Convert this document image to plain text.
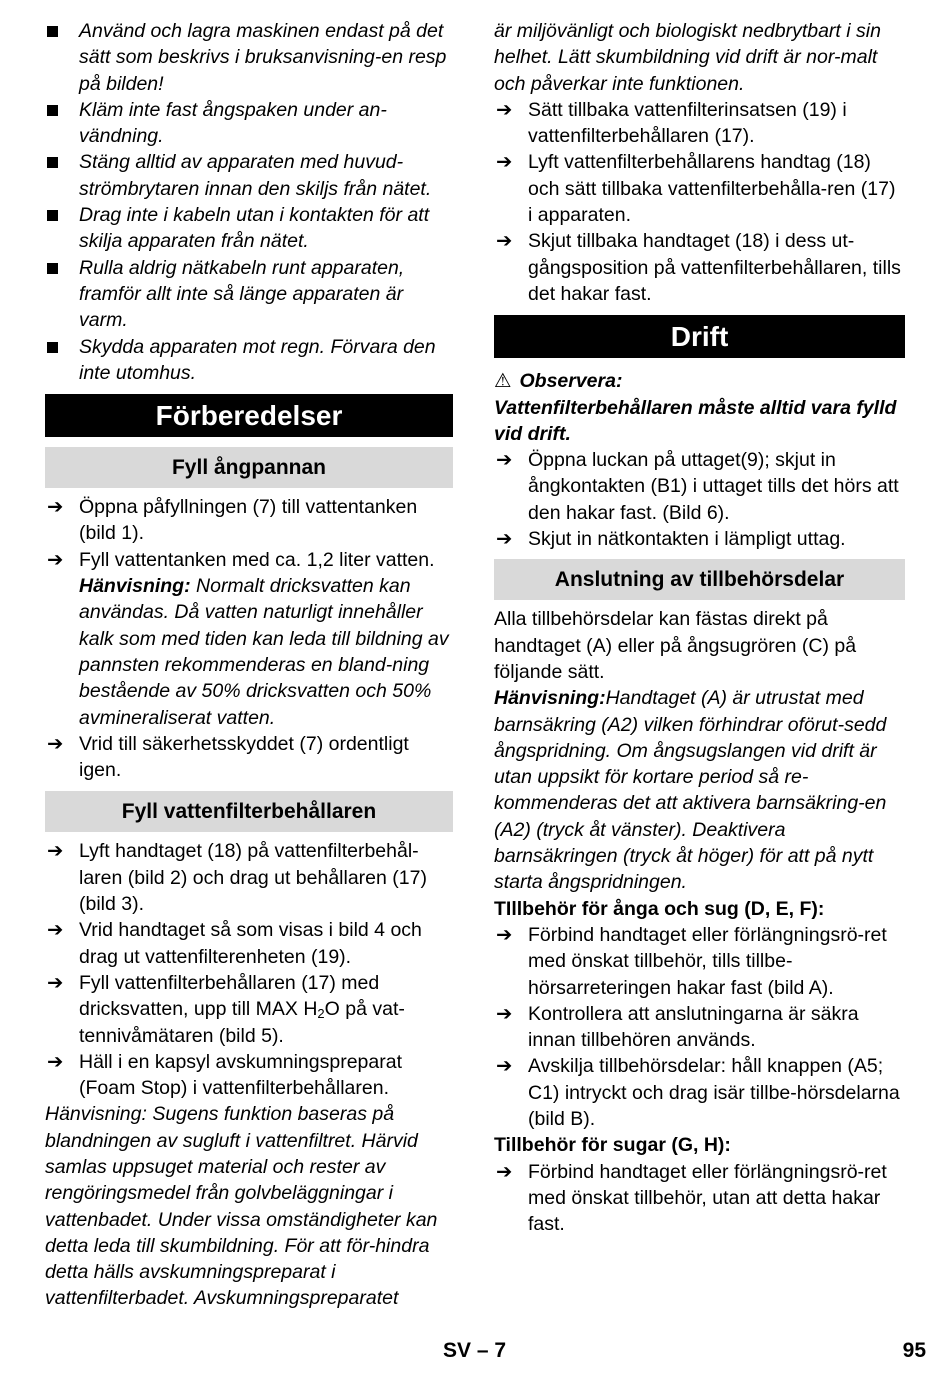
Använd och lagra maskinen endast på det sätt som beskrivs i bruksanvisning-en resp på bilden!

Kläm inte fast ångspaken under an-vändning.

Stäng alltid av apparaten med huvud-strömbrytaren innan den skiljs från nätet.

Drag inte i kabeln utan i kontakten för att skilja apparaten från nätet.

Rulla aldrig nätkabeln runt apparaten, framför allt inte så länge apparaten är varm.

Skydda apparaten mot regn. Förvara den inte utomhus.

Förberedelser
Fyll ångpannan

➔ Öppna påfyllningen (7) till vattentanken (bild 1).

➔ Fyll vattentanken med ca. 1,2 liter vatten.
Hänvisning: Normalt dricksvatten kan användas. Då vatten naturligt innehåller kalk som med tiden kan leda till bildning av pannsten rekommenderas en bland-ning bestående av 50% dricksvatten och 50% avmineraliserat vatten.

➔ Vrid till säkerhetsskyddet (7) ordentligt igen.

Fyll vattenfilterbehållaren

➔ Lyft handtaget (18) på vattenfilterbehål-laren (bild 2) och drag ut behållaren (17) (bild 3).

➔ Vrid handtaget så som visas i bild 4 och drag ut vattenfilterenheten (19).

➔ Fyll vattenfilterbehållaren (17) med dricksvatten, upp till MAX $H_2O$ på vat-tennivåmätaren (bild 5).

➔ Häll i en kapsyl avskumningspreparat (Foam Stop) i vattenfilterbehållaren.

Hänvisning: Sugens funktion baseras på blandningen av sugluft i vattenfiltret. Härvid samlas uppsuget material och rester av rengöringsmedel från golvbeläggningar i vattenbadet. Under vissa omständigheter kan detta leda till skumbildning. För att för-hindra detta hälls avskumningspreparat i vattenfilterbadet. Avskumningspreparatet

är miljövänligt och biologiskt nedbrytbart i sin helhet. Lätt skumbildning vid drift är nor-malt och påverkar inte funktionen.

➔ Sätt tillbaka vattenfilterinsatsen (19) i vattenfilterbehållaren (17).

➔ Lyft vattenfilterbehållarens handtag (18) och sätt tillbaka vattenfilterbehålla-ren (17) i apparaten.

➔ Skjut tillbaka handtaget (18) i dess ut-gångsposition på vattenfilterbehållaren, tills det hakar fast.

Drift

⚠ Observera:

Vattenfilterbehållaren måste alltid vara fylld vid drift.

➔ Öppna luckan på uttaget(9); skjut in ångkontakten (B1) i uttaget tills det hörs att den hakar fast. (Bild 6).

➔ Skjut in nätkontakten i lämpligt uttag.

Anslutning av tillbehörsdelar

Alla tillbehörsdelar kan fästas direkt på handtaget (A) eller på ångsugrören (C) på följande sätt.

Hänvisning:Handtaget (A) är utrustat med barnsäkring (A2) vilken förhindrar oförut-sedd ångspridning. Om ångsugslangen vid drift är utan uppsikt för kortare period så re-kommenderas det att aktivera barnsäkring-en (A2) (tryck åt vänster). Deaktivera barnsäkringen (tryck åt höger) för att på nytt starta ångspridningen.

TIllbehör för ånga och sug (D, E, F):

➔ Förbind handtaget eller förlängningsrö-ret med önskat tillbehör, tills tillbe-hörsarreteringen hakar fast (bild A).

➔ Kontrollera att anslutningarna är säkra innan tillbehören används.

➔ Avskilja tillbehörsdelar: håll knappen (A5; C1) intryckt och drag isär tillbe-hörsdelarna (bild B).

Tillbehör för sugar (G, H):

➔ Förbind handtaget eller förlängningsrö-ret med önskat tillbehör, utan att detta hakar fast.

SV – 7	95
